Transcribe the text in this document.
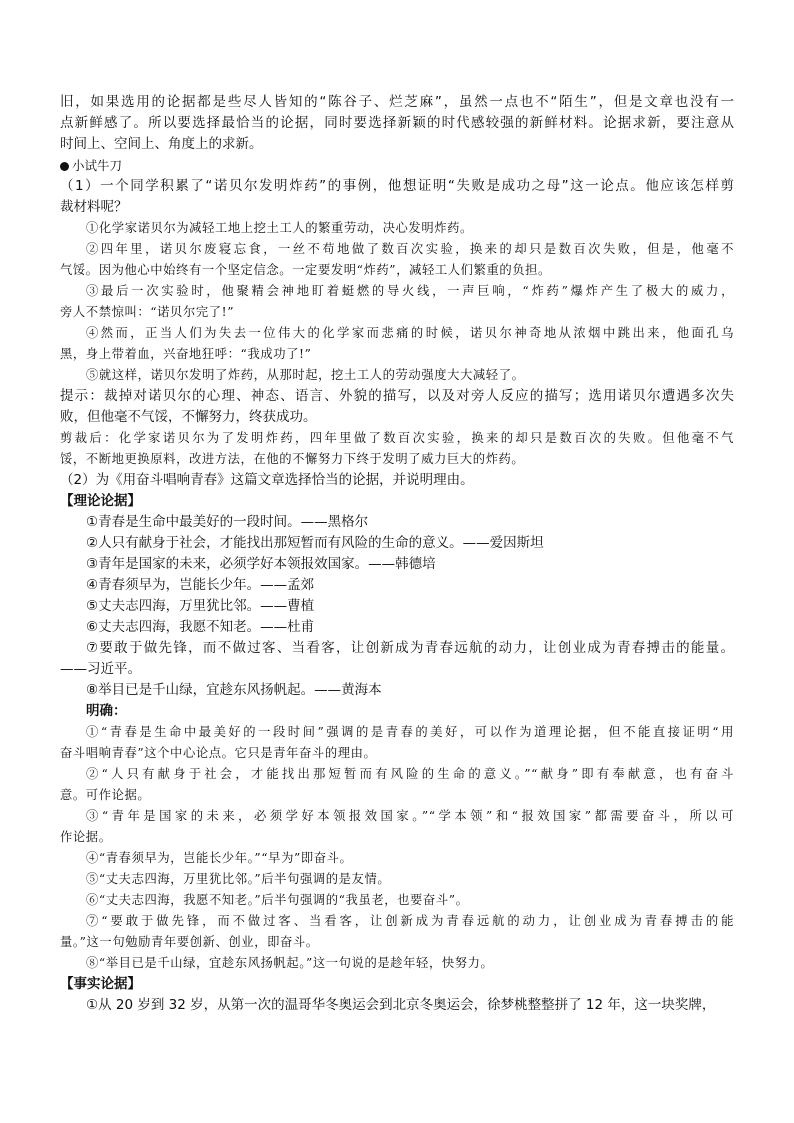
旧，如果选用的论据都是些尽人皆知的“陈谷子、烂芝麻”，虽然一点也不“陌生”，但是文章也没有一
点新鲜感了。所以要选择最恰当的论据，同时要选择新颖的时代感较强的新鲜材料。论据求新，要注意从
时间上、空间上、角度上的求新。
小试牛刀
（1）一个同学积累了“诺贝尔发明炸药”的事例，他想证明“失败是成功之母”这一论点。他应该怎样剪
裁材料呢？
①化学家诺贝尔为减轻工地上挖土工人的繁重劳动，决心发明炸药。
②四年里，诺贝尔废寝忘食，一丝不苟地做了数百次实验，换来的却只是数百次失败，但是，他毫不
气馁。因为他心中始终有一个坚定信念。一定要发明“炸药”，减轻工人们繁重的负担。
③最后一次实验时，他聚精会神地盯着蜓燃的导火线，一声巨响，“炸药”爆炸产生了极大的威力，
旁人不禁惊叫：“诺贝尔完了!”
④然而，正当人们为失去一位伟大的化学家而悲痛的时候，诺贝尔神奇地从浓烟中跳出来，他面孔乌
黑，身上带着血，兴奋地狂呼：“我成功了!”
⑤就这样，诺贝尔发明了炸药，从那时起，挖土工人的劳动强度大大减轻了。
提示：裁掉对诺贝尔的心理、神态、语言、外貌的描写，以及对旁人反应的描写；选用诺贝尔遭遇多次失
败，但他毫不气馁，不懈努力，终获成功。
剪裁后：化学家诺贝尔为了发明炸药，四年里做了数百次实验，换来的却只是数百次的失败。但他毫不气
馁，不断地更换原料，改进方法，在他的不懈努力下终于发明了威力巨大的炸药。
（2）为《用奋斗唱响青春》这篇文章选择恰当的论据，并说明理由。
【理论论据】
①青春是生命中最美好的一段时间。——黑格尔
②人只有献身于社会，才能找出那短暂而有风险的生命的意义。——爱因斯坦
③青年是国家的未来，必须学好本领报效国家。——韩德培
④青春须早为，岂能长少年。——孟郊
⑤丈夫志四海，万里犹比邻。——曹植
⑥丈夫志四海，我愿不知老。——杜甫
⑦要敢于做先锋，而不做过客、当看客，让创新成为青春远航的动力，让创业成为青春搏击的能量。
——习近平。
⑧举目已是千山绿，宜趁东风扬帆起。——黄海本
明确：
①“青春是生命中最美好的一段时间”强调的是青春的美好，可以作为道理论据，但不能直接证明“用
奋斗唱响青春”这个中心论点。它只是青年奋斗的理由。
②“人只有献身于社会，才能找出那短暂而有风险的生命的意义。”“献身”即有奉献意，也有奋斗
意。可作论据。
③“青年是国家的未来，必须学好本领报效国家。”“学本领”和“报效国家”都需要奋斗，所以可
作论据。
④“青春须早为，岂能长少年。”“早为”即奋斗。
⑤“丈夫志四海，万里犹比邻。”后半句强调的是友情。
⑥“丈夫志四海，我愿不知老。”后半句强调的“我虽老，也要奋斗”。
⑦“要敢于做先锋，而不做过客、当看客，让创新成为青春远航的动力，让创业成为青春搏击的能
量。”这一句勉励青年要创新、创业，即奋斗。
⑧“举目已是千山绿，宜趁东风扬帆起。”这一句说的是趁年轻，快努力。
【事实论据】
①从 20 岁到 32 岁，从第一次的温哥华冬奥运会到北京冬奥运会，徐梦桃整整拼了 12 年，这一块奖牌，
